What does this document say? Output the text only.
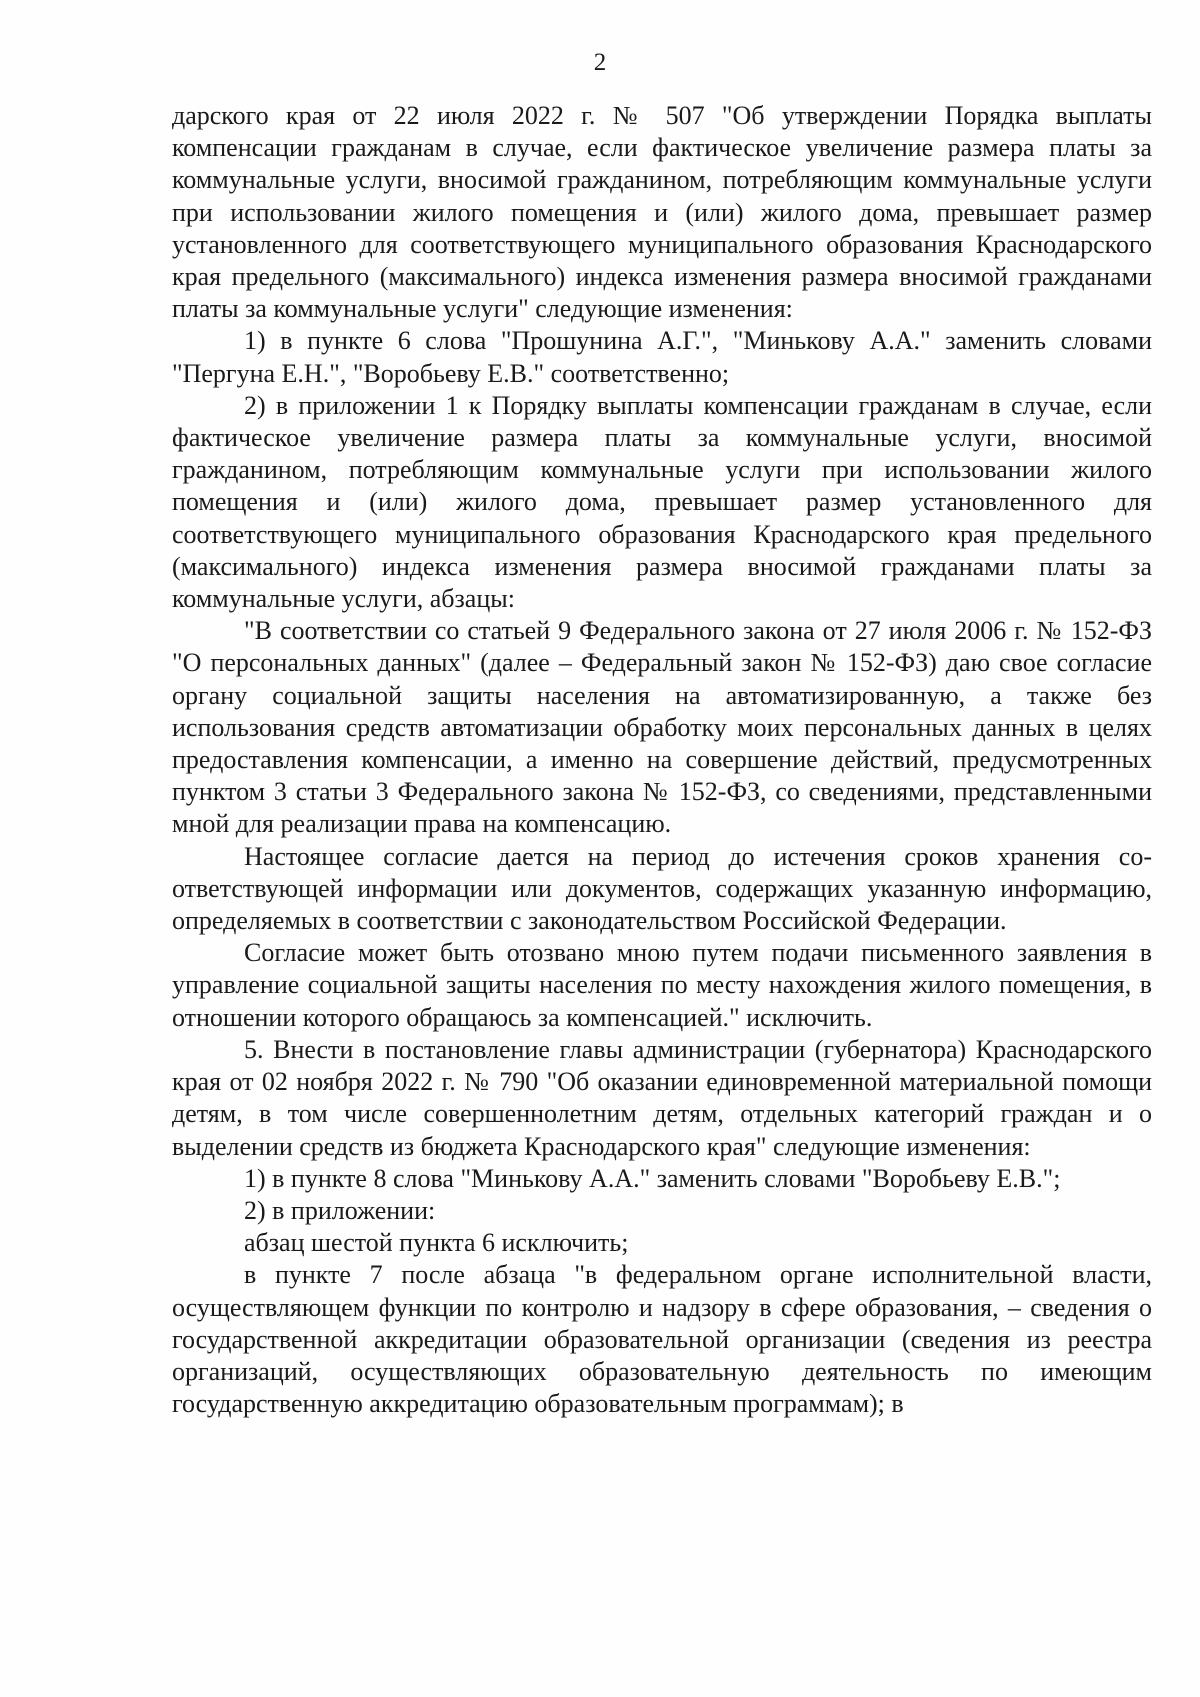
2

дарского края от 22 июля 2022 г. № 507 "Об утверждении Порядка выплаты компенсации гражданам в случае, если фактическое увеличение размера платы за коммунальные услуги, вносимой гражданином, потребляющим коммунальные услуги при использовании жилого помещения и (или) жилого дома, превышает размер установленного для соответствующего муниципального образования Краснодарского края предельного (максимального) индекса изменения размера вносимой гражданами платы за коммунальные услуги" следующие изменения:

1) в пункте 6 слова "Прошунина А.Г.", "Минькову А.А." заменить словами "Пергуна Е.Н.", "Воробьеву Е.В." соответственно;

2) в приложении 1 к Порядку выплаты компенсации гражданам в случае, если фактическое увеличение размера платы за коммунальные услуги, вносимой гражданином, потребляющим коммунальные услуги при использовании жилого помещения и (или) жилого дома, превышает размер установленного для соответствующего муниципального образования Краснодарского края предельного (максимального) индекса изменения размера вносимой гражданами платы за коммунальные услуги, абзацы:

"В соответствии со статьей 9 Федерального закона от 27 июля 2006 г. № 152-ФЗ "О персональных данных" (далее – Федеральный закон № 152-ФЗ) даю свое согласие органу социальной защиты населения на автоматизированную, а также без использования средств автоматизации обработку моих персональных данных в целях предоставления компенсации, а именно на совершение действий, предусмотренных пунктом 3 статьи 3 Федерального закона № 152-ФЗ, со сведениями, представленными мной для реализации права на компенсацию.

Настоящее согласие дается на период до истечения сроков хранения соответствующей информации или документов, содержащих указанную информацию, определяемых в соответствии с законодательством Российской Федерации.

Согласие может быть отозвано мною путем подачи письменного заявления в управление социальной защиты населения по месту нахождения жилого помещения, в отношении которого обращаюсь за компенсацией." исключить.

5. Внести в постановление главы администрации (губернатора) Краснодарского края от 02 ноября 2022 г. № 790 "Об оказании единовременной материальной помощи детям, в том числе совершеннолетним детям, отдельных категорий граждан и о выделении средств из бюджета Краснодарского края" следующие изменения:

1) в пункте 8 слова "Минькову А.А." заменить словами "Воробьеву Е.В.";

2) в приложении:

абзац шестой пункта 6 исключить;

в пункте 7 после абзаца "в федеральном органе исполнительной власти, осуществляющем функции по контролю и надзору в сфере образования, – сведения о государственной аккредитации образовательной организации (сведения из реестра организаций, осуществляющих образовательную деятельность по имеющим государственную аккредитацию образовательным программам); в
